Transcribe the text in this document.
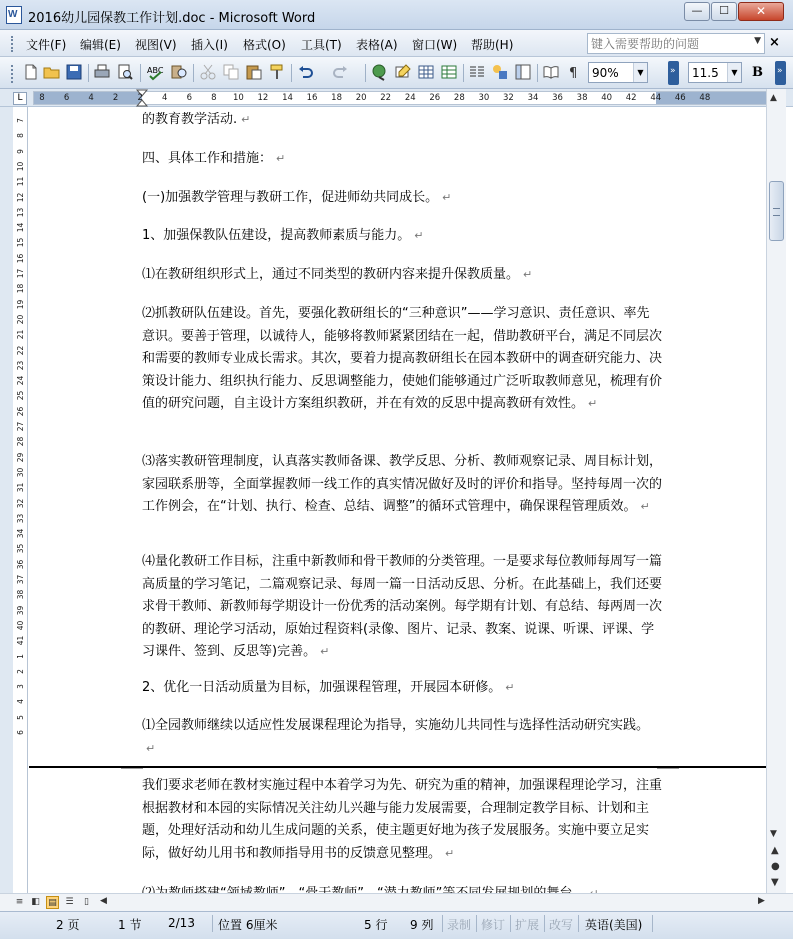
W
2016幼儿园保教工作计划.doc - Microsoft Word
—	☐	✕
文件(F) 编辑(E) 视图(V) 插入(I) 格式(O) 工具(T) 表格(A) 窗口(W) 帮助(H)
键入需要帮助的问题	▼ ×
ABC	¶
90%	▼
»
11.5	▼ B
»
L	8 6 4 2 2 4 6 8 10 12 14 16 18 20 22 24 26 28 30 32 34 36 38 40 42 44 46 48
7
8
9
10
11
12
13
14
15
16
17
18
19
20
21
22
23
24
25
26
27
28
29
30
31
32
33
34
35
36
37
38
39
40
41
1
2
3
4
5
6
的教育教学活动. ↵
四、具体工作和措施： ↵
(一)加强教学管理与教研工作，促进师幼共同成长。 ↵
1、加强保教队伍建设，提高教师素质与能力。 ↵
⑴在教研组织形式上，通过不同类型的教研内容来提升保教质量。 ↵
⑵抓教研队伍建设。首先，要强化教研组长的“三种意识”——学习意识、责任意识、率先意识。要善于管理，以诚待人，能够将教师紧紧团结在一起，借助教研平台，满足不同层次和需要的教师专业成长需求。其次，要着力提高教研组长在园本教研中的调查研究能力、决策设计能力、组织执行能力、反思调整能力，使她们能够通过广泛听取教师意见，梳理有价值的研究问题，自主设计方案组织教研，并在有效的反思中提高教研有效性。 ↵
⑶落实教研管理制度，认真落实教师备课、教学反思、分析、教师观察记录、周目标计划，家园联系册等，全面掌握教师一线工作的真实情况做好及时的评价和指导。坚持每周一次的工作例会，在“计划、执行、检查、总结、调整”的循环式管理中，确保课程管理质效。 ↵
⑷量化教研工作目标，注重中新教师和骨干教师的分类管理。一是要求每位教师每周写一篇高质量的学习笔记，二篇观察记录、每周一篇一日活动反思、分析。在此基础上，我们还要求骨干教师、新教师每学期设计一份优秀的活动案例。每学期有计划、有总结、每两周一次的教研、理论学习活动，原始过程资料(录像、图片、记录、教案、说课、听课、评课、学习课件、签到、反思等)完善。 ↵
2、优化一日活动质量为目标，加强课程管理，开展园本研修。 ↵
⑴全园教师继续以适应性发展课程理论为指导，实施幼儿共同性与选择性活动研究实践。↵
我们要求老师在教材实施过程中本着学习为先、研究为重的精神，加强课程理论学习，注重根据教材和本园的实际情况关注幼儿兴趣与能力发展需要，合理制定教学目标、计划和主题，处理好活动和幼儿生成问题的关系，使主题更好地为孩子发展服务。实施中要立足实际，做好幼儿用书和教师指导用书的反馈意见整理。 ↵
▲
▼
▲
●
▼
≡ ◧ ▤ ☰	▯	◀	▶
2 页	1 节 2/13 位置 6厘米	5 行 9 列 录制 修订 扩展 改写 英语(美国)
